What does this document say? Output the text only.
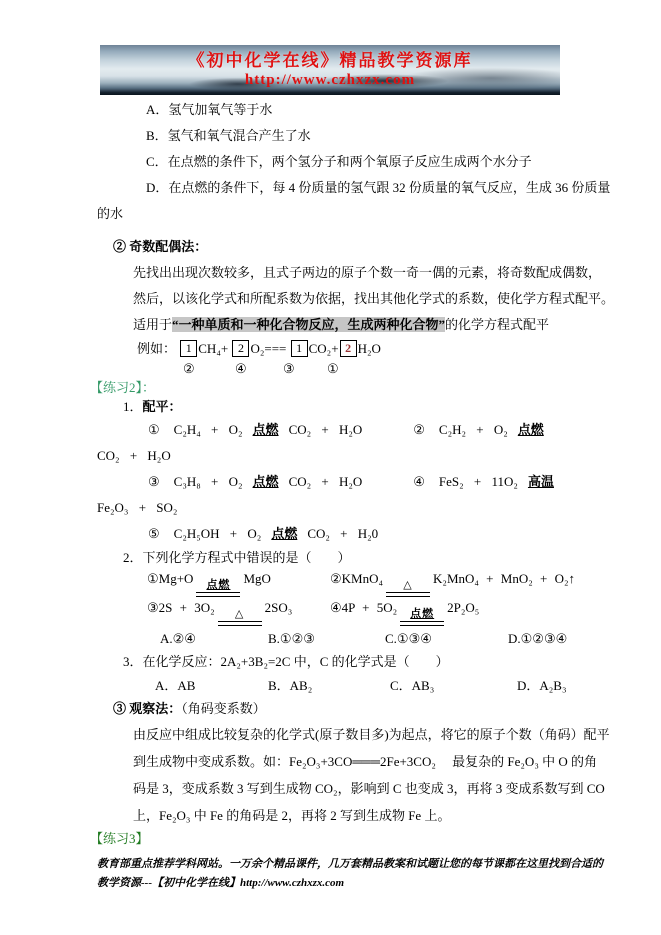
《初中化学在线》精品教学资源库
http://www.czhxzx.com
A．氢气加氧气等于水
B．氢气和氧气混合产生了水
C．在点燃的条件下，两个氢分子和两个氧原子反应生成两个水分子
D．在点燃的条件下，每 4 份质量的氢气跟 32 份质量的氧气反应，生成 36 份质量
的水
② 奇数配偶法：
先找出出现次数较多，且式子两边的原子个数一奇一偶的元素，将奇数配成偶数，
然后，以该化学式和所配系数为依据，找出其他化学式的系数，使化学方程式配平。
适用于“一种单质和一种化合物反应，生成两种化合物”的化学方程式配平
例如： 1 CH₄+ 2 O₂=== 1 CO₂+ 2 H₂O
②	④	③ ①
【练习2】：
1．配平：
① C₂H₄ + O₂ 点燃 CO₂ + H₂O	② C₂H₂ + O₂ 点燃
CO₂ + H₂O
③ C₃H₈ + O₂ 点燃 CO₂ + H₂O	④ FeS₂ + 11O₂ 高温
Fe₂O₃ + SO₂
⑤ C₂H₅OH + O₂ 点燃 CO₂ + H₂0
2．下列化学方程式中错误的是（　　）
①Mg+O	点燃	MgO	②KMnO₄	△	K₂MnO₄ + MnO₂ + O₂↑
③2S + 3O₂	△	2SO₃	④4P + 5O₂	点燃	2P₂O₅
A.②④	B.①②③	C.①③④	D.①②③④
3．在化学反应：2A₂+3B₂=2C 中，C 的化学式是（　　）
A．AB	B．AB₂	C．AB₃	D．A₂B₃
③ 观察法：（角码变系数）
由反应中组成比较复杂的化学式(原子数目多)为起点，将它的原子个数（角码）配平
到生成物中变成系数。如：Fe₂O₃+3CO═══2Fe+3CO₂　 最复杂的 Fe₂O₃ 中 O 的角
码是 3，变成系数 3 写到生成物 CO₂，影响到 C 也变成 3，再将 3 变成系数写到 CO
上，Fe₂O₃ 中 Fe 的角码是 2，再将 2 写到生成物 Fe 上。
【练习3】
教育部重点推荐学科网站。一万余个精品课件，几万套精品教案和试题让您的每节课都在这里找到合适的
教学资源---【初中化学在线】http://www.czhxzx.com
